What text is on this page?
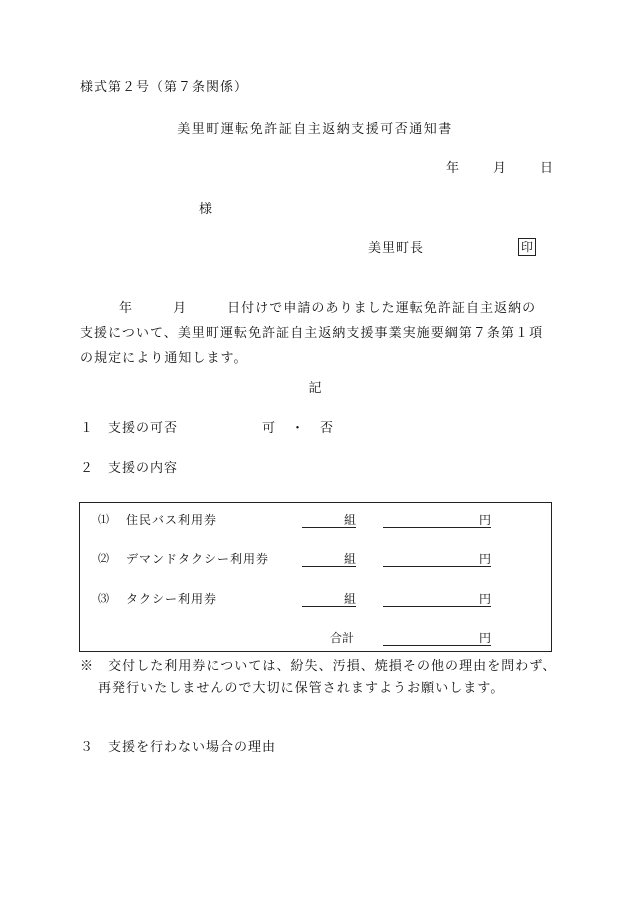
様式第２号（第７条関係）
美里町運転免許証自主返納支援可否通知書
年	月	日
様
美里町長	印
年	月	日付けで申請のありました運転免許証自主返納の支援について、美里町運転免許証自主返納支援事業実施要綱第７条第１項の規定により通知します。
記
１ 支援の可否	可 ・ 否
２ 支援の内容
⑴ 住民バス利用券	組	円
⑵ デマンドタクシー利用券	組	円
⑶ タクシー利用券	組	円
合計	円
※　交付した利用券については、紛失、汚損、焼損その他の理由を問わず、再発行いたしませんので大切に保管されますようお願いします。
３ 支援を行わない場合の理由
